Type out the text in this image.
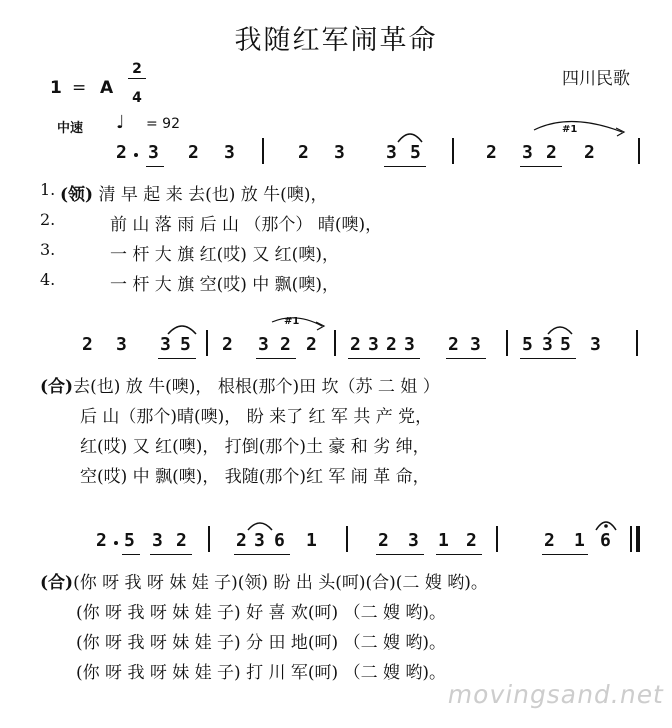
我随红军闹革命
四川民歌
1 = A $\frac{2}{4}$
中速 ♩ = 92
2 3 2 3	2 3 3 5	2 3 2 2
#1
1.
2.
3.
4.
(领) 清 早 起 来 去(也) 放 牛(噢)，
前 山 落 雨 后 山 （那个） 晴(噢)，
一 杆 大 旗 红(哎) 又 红(噢)，
一 杆 大 旗 空(哎) 中 飘(噢)，
2 3 3 5 2 3 2 2
#1
2 3 2 3 2 3 5 3 5 3
(合)去(也) 放 牛(噢)， 根根(那个)田 坎（苏 二 姐 ）
后 山（那个)晴(噢)， 盼 来了 红 军 共 产 党，
红(哎) 又 红(噢)， 打倒(那个)土 豪 和 劣 绅，
空(哎) 中 飘(噢)， 我随(那个)红 军 闹 革 命，
2 5 3 2	2 3 6 1	2 3 1 2	2 1 6
(合)(你 呀 我 呀 妹 娃 子)(领) 盼 出 头(呵)(合)(二 嫂 哟)。
(你 呀 我 呀 妹 娃 子) 好 喜 欢(呵) （二 嫂 哟)。
(你 呀 我 呀 妹 娃 子) 分 田 地(呵) （二 嫂 哟)。
(你 呀 我 呀 妹 娃 子) 打 川 军(呵) （二 嫂 哟)。
movingsand.net
